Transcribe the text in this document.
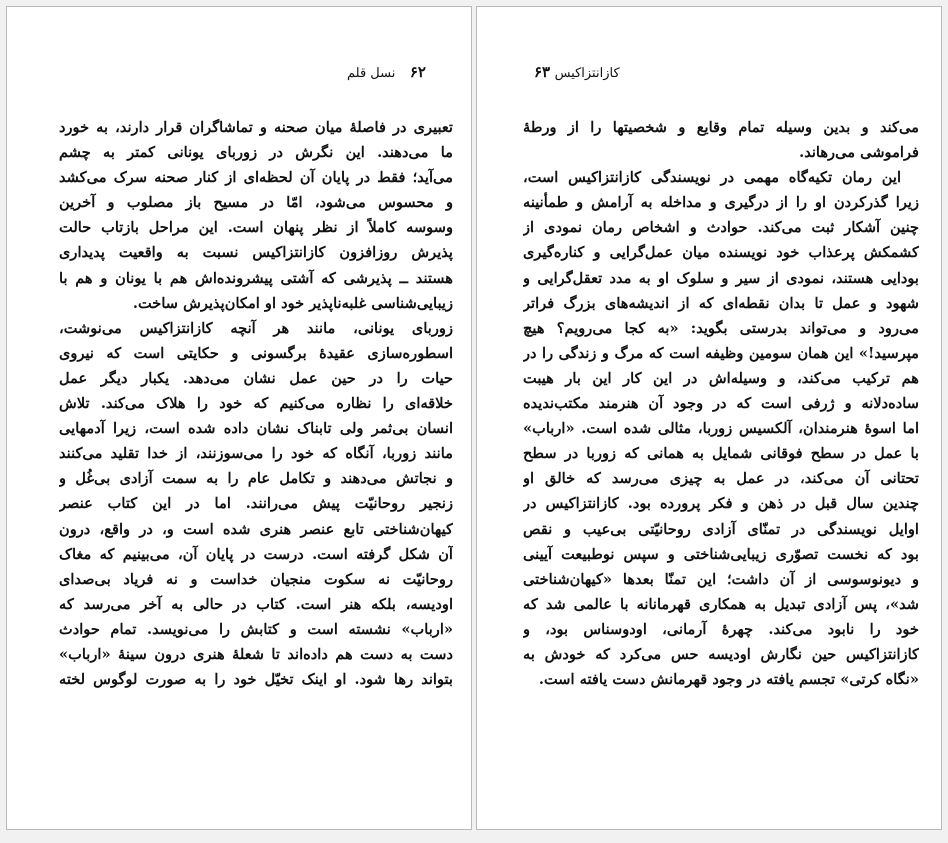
۶۲ نسل قلم
تعبیری در فاصلهٔ میان صحنه و تماشاگران قرار دارند، به خورد
ما می‌دهند. این نگرش در زوربای یونانی کمتر به چشم
می‌آید؛ فقط در پایان آن لحظه‌ای از کنار صحنه سرک می‌کشد
و محسوس می‌شود، امّا در مسیح باز مصلوب و آخرین
وسوسه کاملاً از نظر پنهان است. این مراحل بازتاب حالت
پذیرش روزافزون کازانتزاکیس نسبت به واقعیت پدیداری
هستند ــ پذیرشی که آشتی پیشرونده‌اش هم با یونان و هم با
زیبایی‌شناسی غلبه‌ناپذیر خود او امکان‌پذیرش ساخت.
زوربای یونانی، مانند هر آنچه کازانتزاکیس می‌نوشت،
اسطوره‌سازی عقیدهٔ برگسونی و حکایتی است که نیروی
حیات را در حین عمل نشان می‌دهد. یکبار دیگر عمل
خلاقه‌ای را نظاره می‌کنیم که خود را هلاک می‌کند. تلاش
انسان بی‌ثمر ولی تابناک نشان داده شده است، زیرا آدمهایی
مانند زوربا، آنگاه که خود را می‌سوزنند، از خدا تقلید می‌کنند
و نجاتش می‌دهند و تکامل عام را به سمت آزادی بی‌غُل و
زنجیر روحانیّت پیش می‌رانند. اما در این کتاب عنصر
کیهان‌شناختی تابع عنصر هنری شده است و، در واقع، درون
آن شکل گرفته است. درست در پایان آن، می‌بینیم که مغاک
روحانیّت نه سکوت منجیان خداست و نه فریاد بی‌صدای
اودیسه، بلکه هنر است. کتاب در حالی به آخر می‌رسد که
«ارباب» نشسته است و کتابش را می‌نویسد. تمام حوادث
دست به دست هم داده‌اند تا شعلهٔ هنری درون سینهٔ «ارباب»
بتواند رها شود. او اینک تخیّل خود را به صورت لوگوس لخته
کازانتزاکیس ۶۳
می‌کند و بدین وسیله تمام وقایع و شخصیتها را از ورطهٔ
فراموشی می‌رهاند.
این رمان تکیه‌گاه مهمی در نویسندگی کازانتزاکیس است،
زیرا گذرکردن او را از درگیری و مداخله به آرامش و طمأنینه
چنین آشکار ثبت می‌کند. حوادث و اشخاص رمان نمودی از
کشمکش پرعذاب خود نویسنده میان عمل‌گرایی و کناره‌گیری
بودایی هستند، نمودی از سیر و سلوک او به مدد تعقل‌گرایی و
شهود و عمل تا بدان نقطه‌ای که از اندیشه‌های بزرگ فراتر
می‌رود و می‌تواند بدرستی بگوید: «به کجا می‌رویم؟ هیچ
مپرسید!» این همان سومین وظیفه است که مرگ و زندگی را در
هم ترکیب می‌کند، و وسیله‌اش در این کار این بار هیبت
ساده‌دلانه و ژرفی است که در وجود آن هنرمند مکتب‌ندیده
اما اسوهٔ هنرمندان، آلکسیس زوربا، مثالی شده است. «ارباب»
با عمل در سطح فوقانی شمایل به همانی که زوربا در سطح
تحتانی آن می‌کند، در عمل به چیزی می‌رسد که خالق او
چندین سال قبل در ذهن و فکر پرورده بود. کازانتزاکیس در
اوایل نویسندگی در تمنّای آزادی روحانیّتی بی‌عیب و نقص
بود که نخست تصوّری زیبایی‌شناختی و سپس نوطبیعت آیینی
و دیونوسوسی از آن داشت؛ این تمنّا بعدها «کیهان‌شناختی
شد»، پس آزادی تبدیل به همکاری قهرمانانه با عالمی شد که
خود را نابود می‌کند. چهرهٔ آرمانی، اودوسناس بود، و
کازانتزاکیس حین نگارش اودیسه حس می‌کرد که خودش به
«نگاه کرتی» تجسم یافته در وجود قهرمانش دست یافته است.
